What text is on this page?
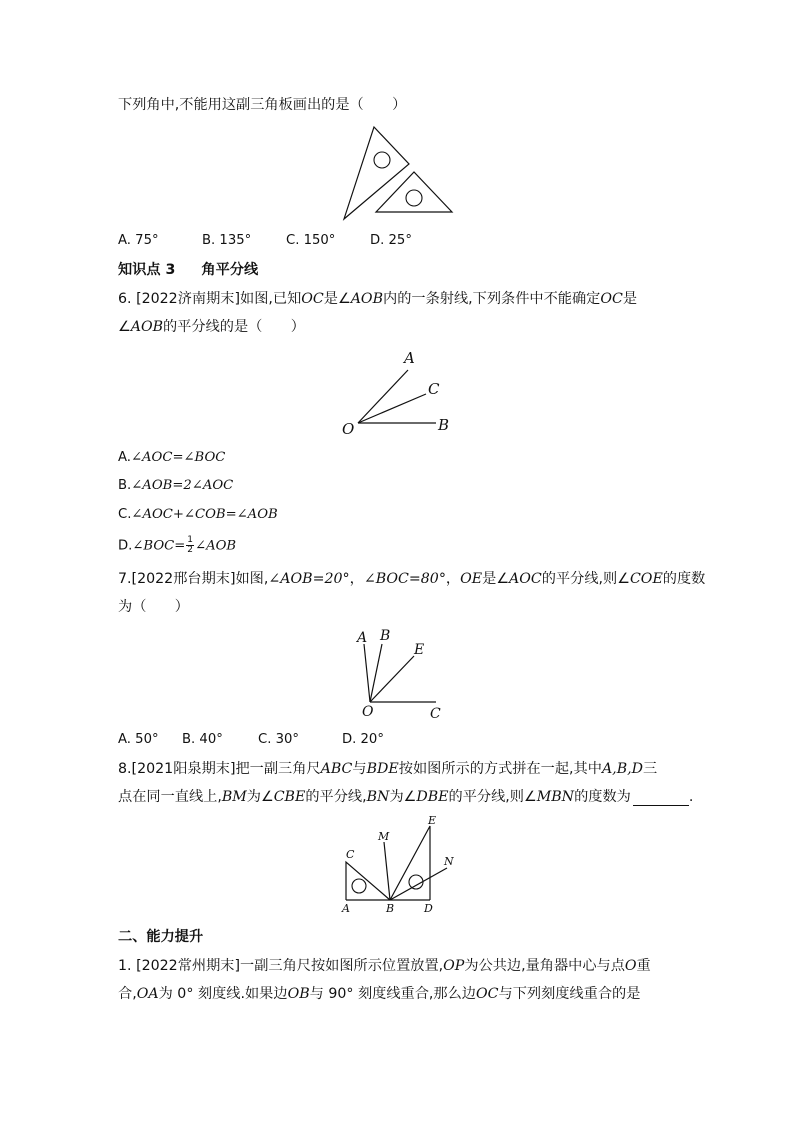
下列角中,不能用这副三角板画出的是（　　）
A. 75°	B. 135°	C. 150°	D. 25°
知识点 3 角平分线
6. [2022济南期末]如图,已知OC是∠AOB内的一条射线,下列条件中不能确定OC是
∠AOB的平分线的是（　　）
A
C
O	B
A.∠AOC=∠BOC
B.∠AOB=2∠AOC
C.∠AOC+∠COB=∠AOB
D.∠BOC= $\frac{1}{2}$ ∠AOB
7.[2022邢台期末]如图,∠AOB=20°，∠BOC=80°，OE是∠AOC的平分线,则∠COE的度数
为（　　）
A B
E
O	C
A. 50° B. 40°	C. 30°	D. 20°
8.[2021阳泉期末]把一副三角尺ABC与BDE按如图所示的方式拼在一起,其中A,B,D三
点在同一直线上,BM为∠CBE的平分线,BN为∠DBE的平分线,则∠MBN的度数为	.
C
M
E
N
A	B	D
二、能力提升
1. [2022常州期末]一副三角尺按如图所示位置放置,OP为公共边,量角器中心与点O重
合,OA为 0° 刻度线.如果边OB与 90° 刻度线重合,那么边OC与下列刻度线重合的是
